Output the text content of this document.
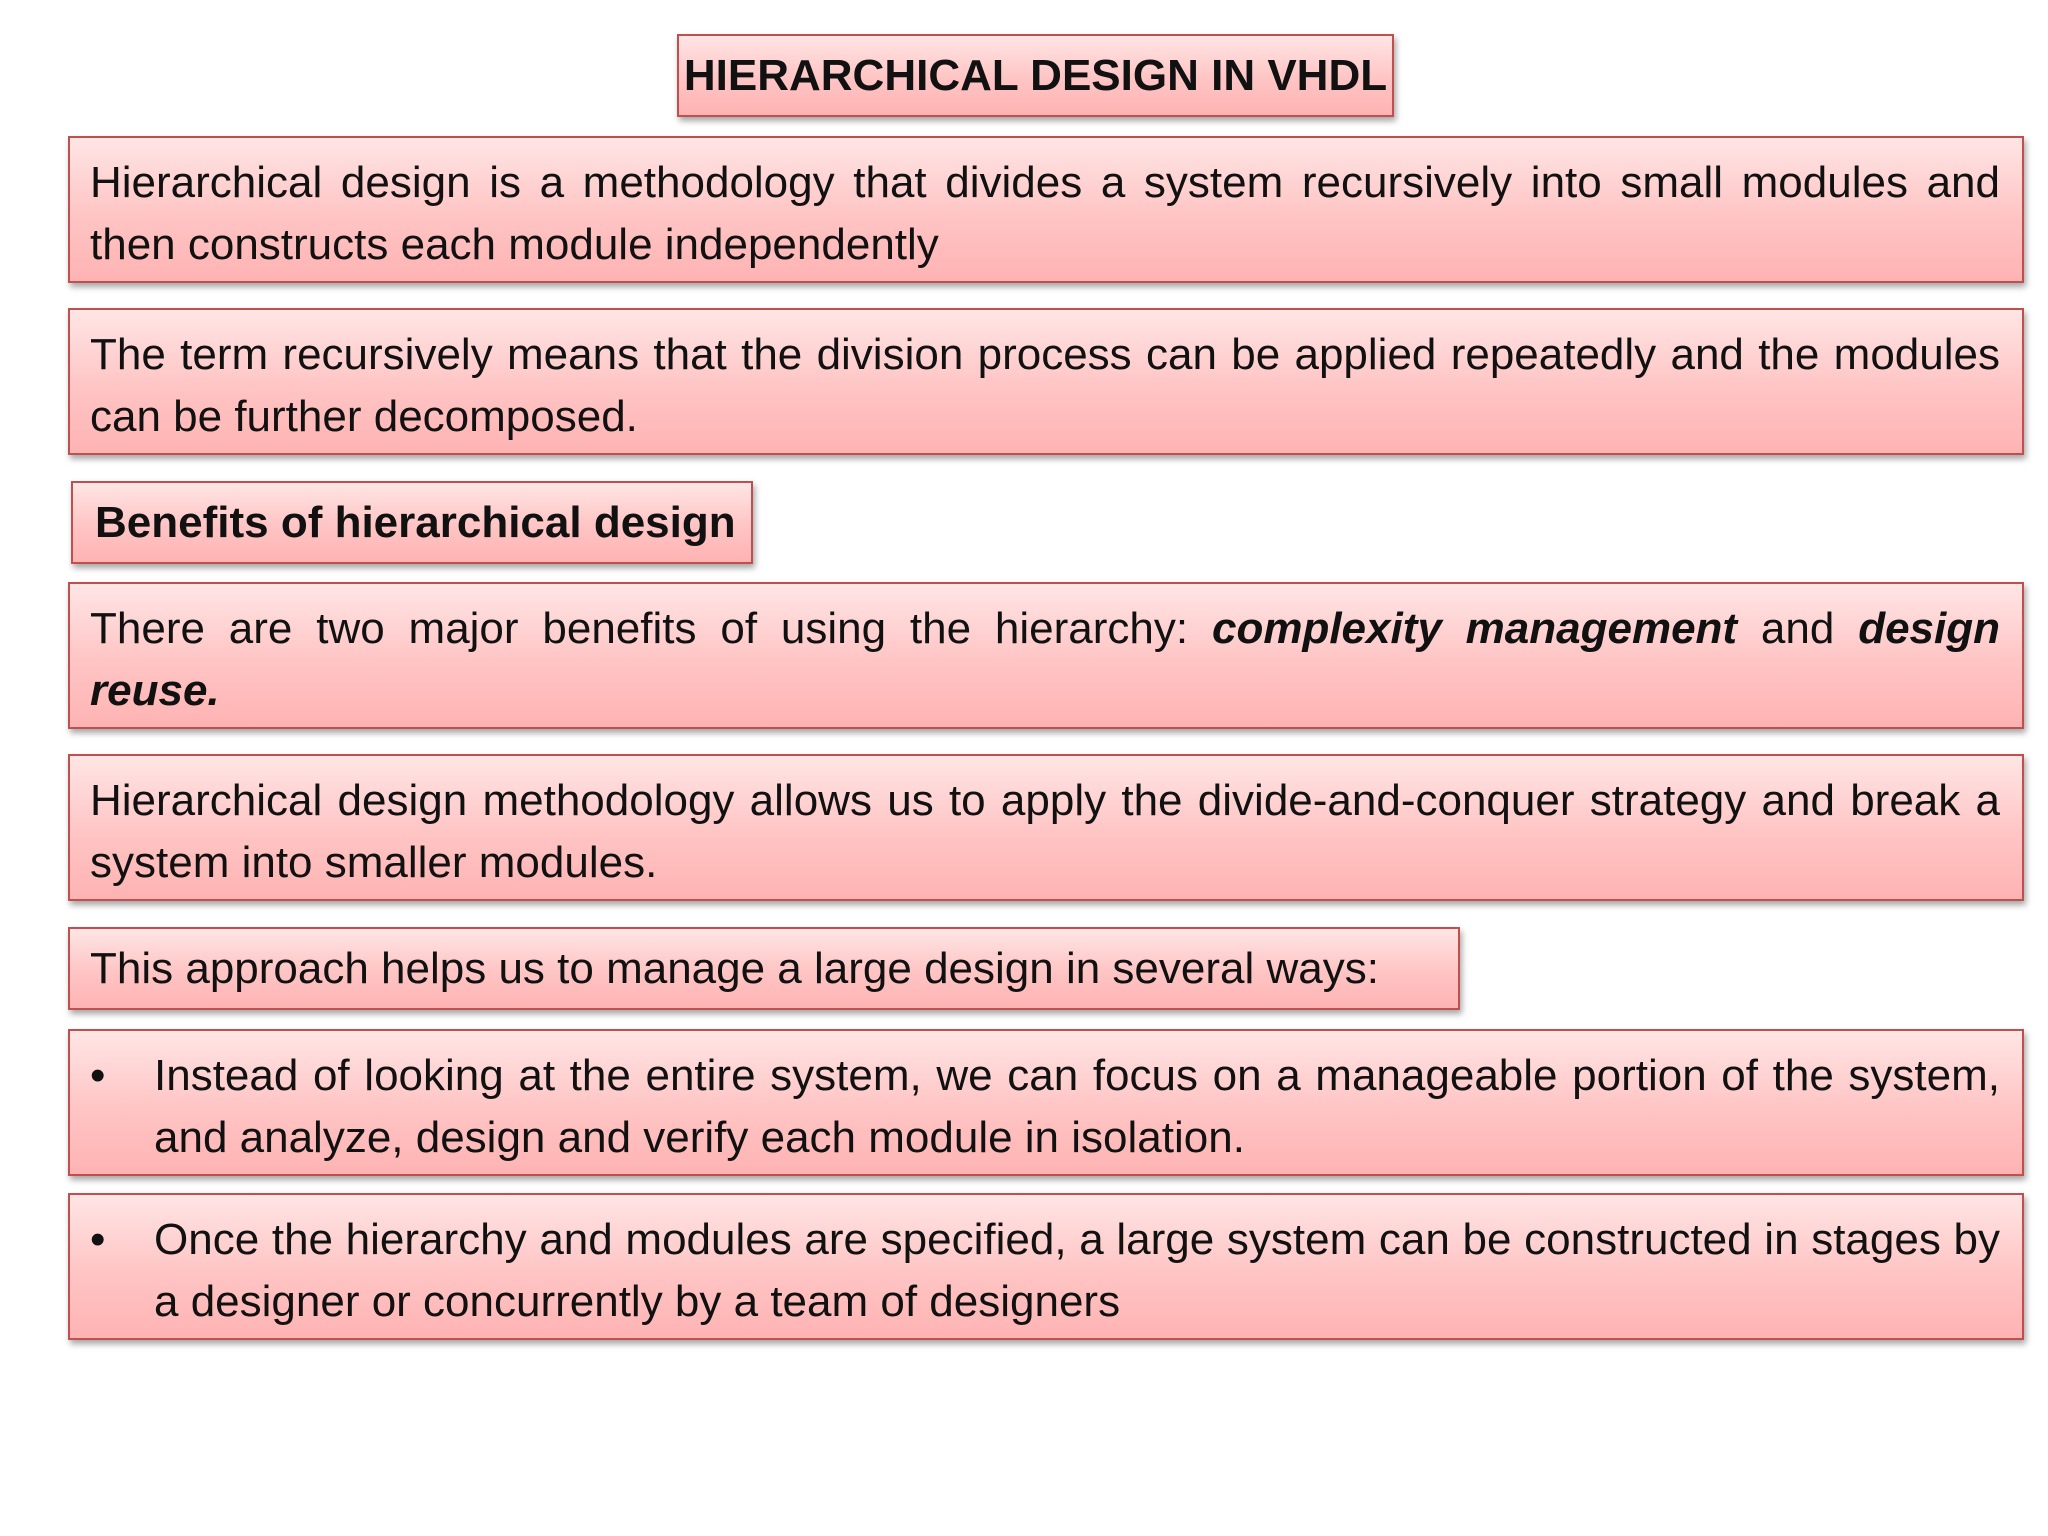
HIERARCHICAL DESIGN IN VHDL
Hierarchical design is a methodology that divides a system recursively into small modules and then constructs each module independently
The term recursively means that the division process can be applied repeatedly and the modules can be further decomposed.
Benefits of hierarchical design
There are two major benefits of using the hierarchy: complexity management and design reuse.
Hierarchical design methodology allows us to apply the divide-and-conquer strategy and break a system into smaller modules.
This approach helps us to manage a large design in several ways:
•	Instead of looking at the entire system, we can focus on a manageable portion of the system, and analyze, design and verify each module in isolation.
•	Once the hierarchy and modules are specified, a large system can be constructed in stages by a designer or concurrently by a team of designers
